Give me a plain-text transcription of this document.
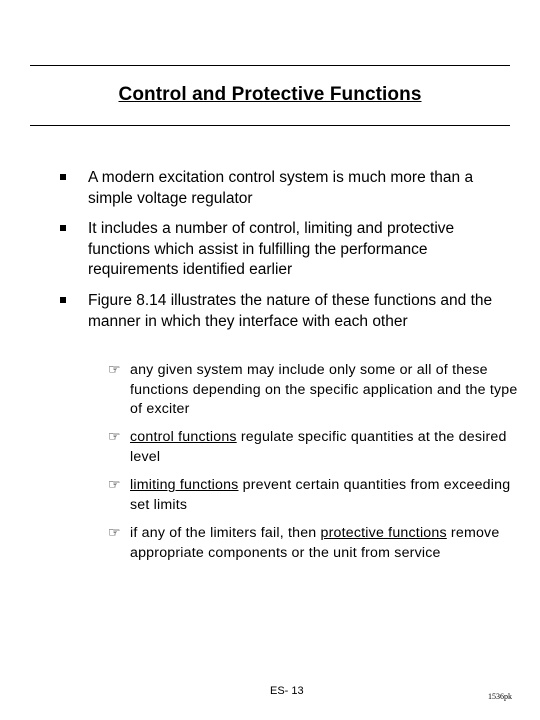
Control and Protective Functions
A modern excitation control system is much more than a simple voltage regulator
It includes a number of control, limiting and protective functions which assist in fulfilling the performance requirements identified earlier
Figure 8.14 illustrates the nature of these functions and the manner in which they interface with each other
☞ any given system may include only some or all of these functions depending on the specific application and the type of exciter
☞ control functions regulate specific quantities at the desired level
☞ limiting functions prevent certain quantities from exceeding set limits
☞ if any of the limiters fail, then protective functions remove appropriate components or the unit from service
ES- 13	1536pk
